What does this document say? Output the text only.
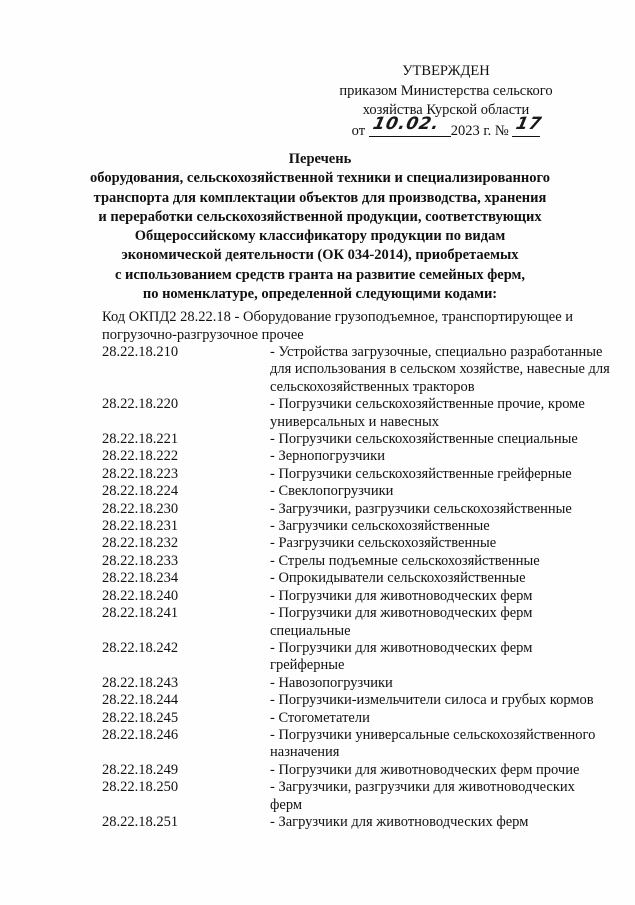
УТВЕРЖДЕН
приказом Министерства сельского
хозяйства Курской области
от 10.02. 2023 г. № 17
Перечень
оборудования, сельскохозяйственной техники и специализированного
транспорта для комплектации объектов для производства, хранения
и переработки сельскохозяйственной продукции, соответствующих
Общероссийскому классификатору продукции по видам
экономической деятельности (ОК 034-2014), приобретаемых
с использованием средств гранта на развитие семейных ферм,
по номенклатуре, определенной следующими кодами:
Код ОКПД2 28.22.18 - Оборудование грузоподъемное, транспортирующее и погрузочно-разгрузочное прочее
28.22.18.210	- Устройства загрузочные, специально разработанные для использования в сельском хозяйстве, навесные для сельскохозяйственных тракторов
28.22.18.220	- Погрузчики сельскохозяйственные прочие, кроме универсальных и навесных
28.22.18.221	- Погрузчики сельскохозяйственные специальные
28.22.18.222	- Зернопогрузчики
28.22.18.223	- Погрузчики сельскохозяйственные грейферные
28.22.18.224	- Свеклопогрузчики
28.22.18.230	- Загрузчики, разгрузчики сельскохозяйственные
28.22.18.231	- Загрузчики сельскохозяйственные
28.22.18.232	- Разгрузчики сельскохозяйственные
28.22.18.233	- Стрелы подъемные сельскохозяйственные
28.22.18.234	- Опрокидыватели сельскохозяйственные
28.22.18.240	- Погрузчики для животноводческих ферм
28.22.18.241	- Погрузчики для животноводческих ферм специальные
28.22.18.242	- Погрузчики для животноводческих ферм грейферные
28.22.18.243	- Навозопогрузчики
28.22.18.244	- Погрузчики-измельчители силоса и грубых кормов
28.22.18.245	- Стогометатели
28.22.18.246	- Погрузчики универсальные сельскохозяйственного назначения
28.22.18.249	- Погрузчики для животноводческих ферм прочие
28.22.18.250	- Загрузчики, разгрузчики для животноводческих ферм
28.22.18.251	- Загрузчики для животноводческих ферм
